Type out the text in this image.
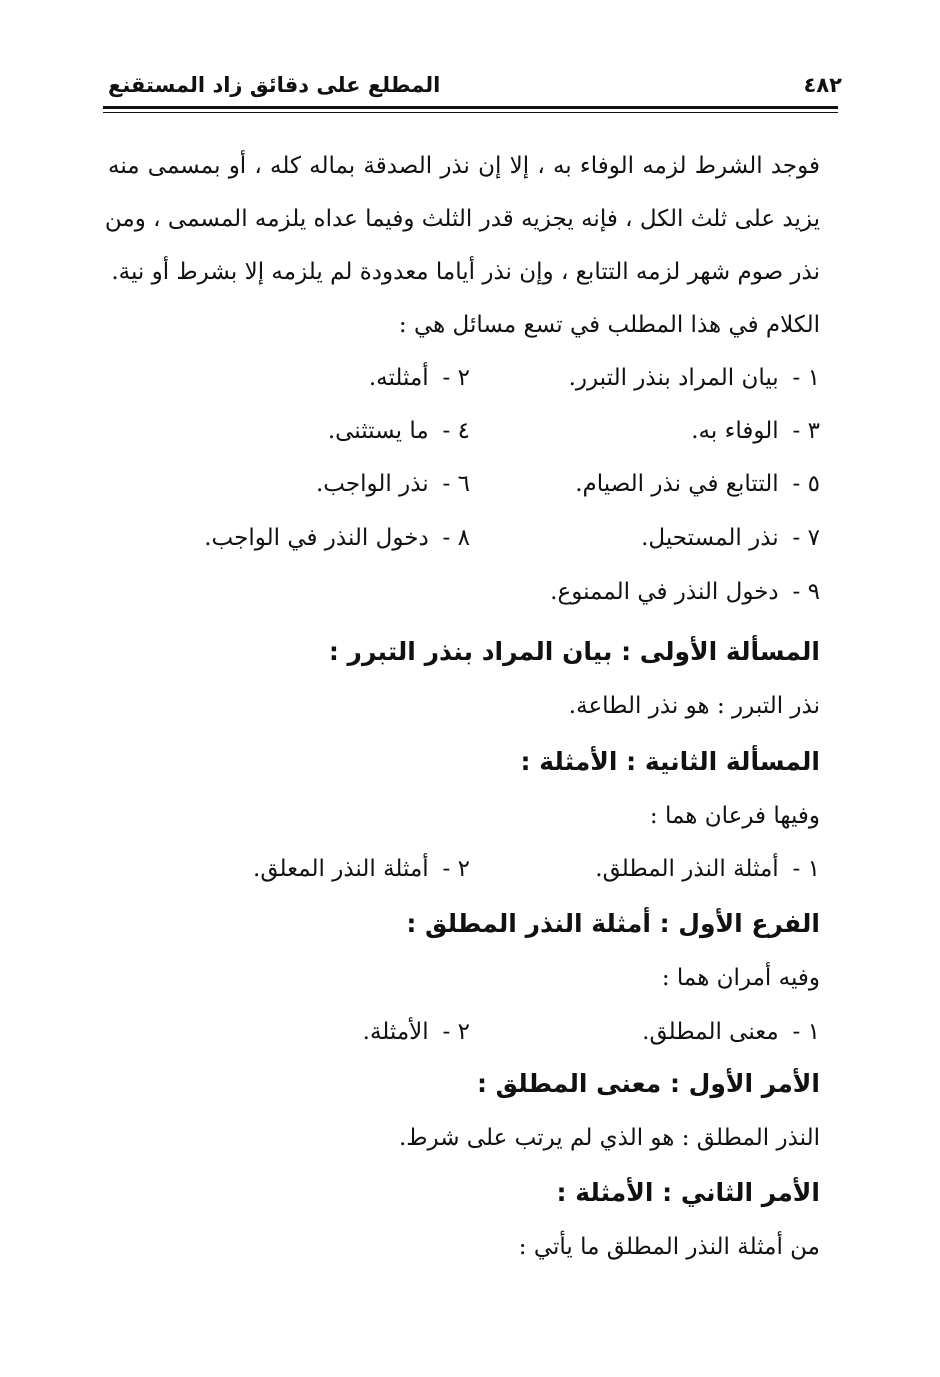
٤٨٢
المطلع على دقائق زاد المستقنع
فوجد الشرط لزمه الوفاء به ، إلا إن نذر الصدقة بماله كله ، أو بمسمى منه
يزيد على ثلث الكل ، فإنه يجزيه قدر الثلث وفيما عداه يلزمه المسمى ، ومن
نذر صوم شهر لزمه التتابع ، وإن نذر أياما معدودة لم يلزمه إلا بشرط أو نية.
الكلام في هذا المطلب في تسع مسائل هي :
١ - بيان المراد بنذر التبرر.
٢ - أمثلته.
٣ - الوفاء به.
٤ - ما يستثنى.
٥ - التتابع في نذر الصيام.
٦ - نذر الواجب.
٧ - نذر المستحيل.
٨ - دخول النذر في الواجب.
٩ - دخول النذر في الممنوع.
المسألة الأولى : بيان المراد بنذر التبرر :
نذر التبرر : هو نذر الطاعة.
المسألة الثانية : الأمثلة :
وفيها فرعان هما :
١ - أمثلة النذر المطلق.
٢ - أمثلة النذر المعلق.
الفرع الأول : أمثلة النذر المطلق :
وفيه أمران هما :
١ - معنى المطلق.
٢ - الأمثلة.
الأمر الأول : معنى المطلق :
النذر المطلق : هو الذي لم يرتب على شرط.
الأمر الثاني : الأمثلة :
من أمثلة النذر المطلق ما يأتي :
